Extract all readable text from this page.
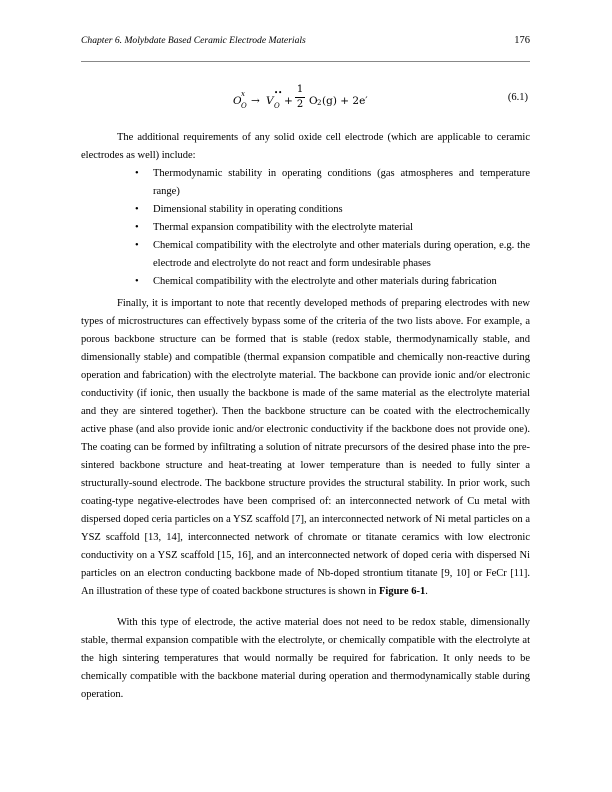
Chapter 6. Molybdate Based Ceramic Electrode Materials	176
O
x
O → V
••
O +
1
2 O 2 (g) + 2e′	(6.1)

The additional requirements of any solid oxide cell electrode (which are applicable to ceramic electrodes as well) include:

• Thermodynamic stability in operating conditions (gas atmospheres and temperature range)
• Dimensional stability in operating conditions
• Thermal expansion compatibility with the electrolyte material
• Chemical compatibility with the electrolyte and other materials during operation, e.g. the electrode and electrolyte do not react and form undesirable phases
• Chemical compatibility with the electrolyte and other materials during fabrication

Finally, it is important to note that recently developed methods of preparing electrodes with new types of microstructures can effectively bypass some of the criteria of the two lists above. For example, a porous backbone structure can be formed that is stable (redox stable, thermodynamically stable, and dimensionally stable) and compatible (thermal expansion compatible and chemically non-reactive during operation and fabrication) with the electrolyte material. The backbone can provide ionic and/or electronic conductivity (if ionic, then usually the backbone is made of the same material as the electrolyte material and they are sintered together). Then the backbone structure can be coated with the electrochemically active phase (and also provide ionic and/or electronic conductivity if the backbone does not provide one). The coating can be formed by infiltrating a solution of nitrate precursors of the desired phase into the pre-sintered backbone structure and heat-treating at lower temperature than is needed to fully sinter a structurally-sound electrode. The backbone structure provides the structural stability. In prior work, such coating-type negative-electrodes have been comprised of: an interconnected network of Cu metal with dispersed doped ceria particles on a YSZ scaffold [7], an interconnected network of Ni metal particles on a YSZ scaffold [13, 14], interconnected network of chromate or titanate ceramics with low electronic conductivity on a YSZ scaffold [15, 16], and an interconnected network of doped ceria with dispersed Ni particles on an electron conducting backbone made of Nb-doped strontium titanate [9, 10] or FeCr [11]. An illustration of these type of coated backbone structures is shown in Figure 6-1.

With this type of electrode, the active material does not need to be redox stable, dimensionally stable, thermal expansion compatible with the electrolyte, or chemically compatible with the electrolyte at the high sintering temperatures that would normally be required for fabrication. It only needs to be chemically compatible with the backbone material during operation and thermodynamically stable during operation.
